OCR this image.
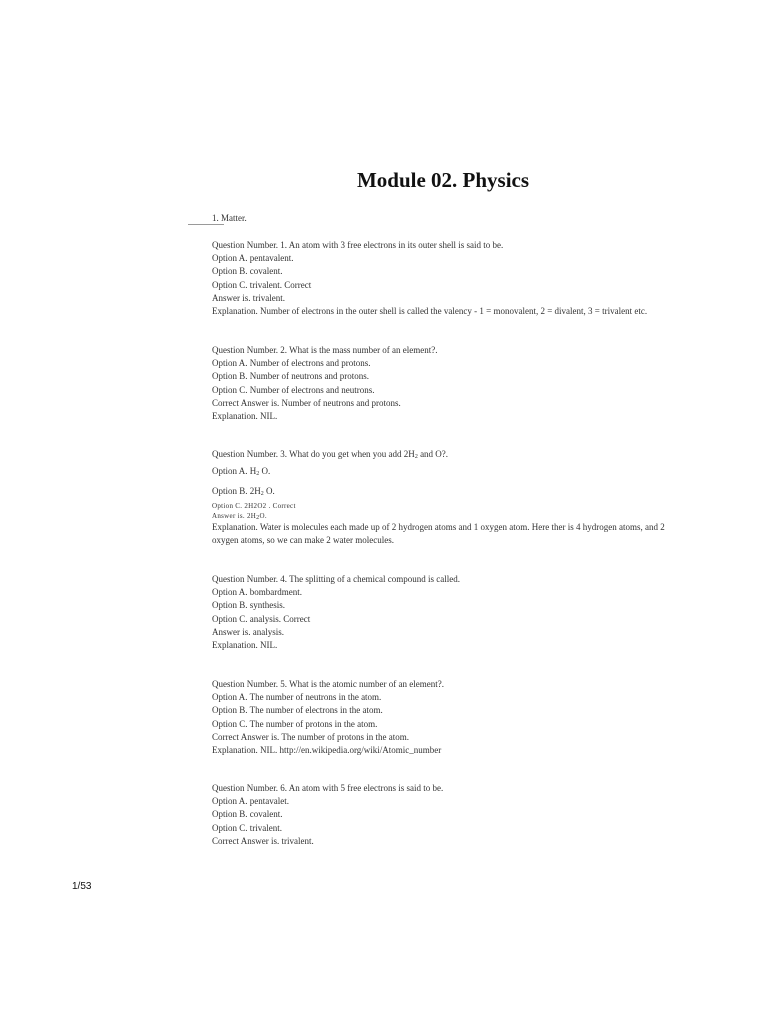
Module 02. Physics
1. Matter.
Question Number. 1. An atom with 3 free electrons in its outer shell is said to be.
Option A. pentavalent.
Option B. covalent.
Option C. trivalent. Correct
Answer is. trivalent.
Explanation. Number of electrons in the outer shell is called the valency - 1 = monovalent, 2 = divalent, 3 = trivalent etc.
Question Number. 2. What is the mass number of an element?.
Option A. Number of electrons and protons.
Option B. Number of neutrons and protons.
Option C. Number of electrons and neutrons.
Correct Answer is. Number of neutrons and protons.
Explanation. NIL.
Question Number. 3. What do you get when you add $2H_2$ and O?.
Option A. $H_2$ O.
Option B. $2H_2$ O.
Option C. 2H2O2 . Correct
Answer is. $2H_2O$.
Explanation. Water is molecules each made up of 2 hydrogen atoms and 1 oxygen atom. Here ther is 4 hydrogen atoms, and 2 oxygen atoms, so we can make 2 water molecules.
Question Number. 4. The splitting of a chemical compound is called.
Option A. bombardment.
Option B. synthesis.
Option C. analysis. Correct
Answer is. analysis.
Explanation. NIL.
Question Number. 5. What is the atomic number of an element?.
Option A. The number of neutrons in the atom.
Option B. The number of electrons in the atom.
Option C. The number of protons in the atom.
Correct Answer is. The number of protons in the atom.
Explanation. NIL. http://en.wikipedia.org/wiki/Atomic_number
Question Number. 6. An atom with 5 free electrons is said to be.
Option A. pentavalet.
Option B. covalent.
Option C. trivalent.
Correct Answer is. trivalent.
1/53
